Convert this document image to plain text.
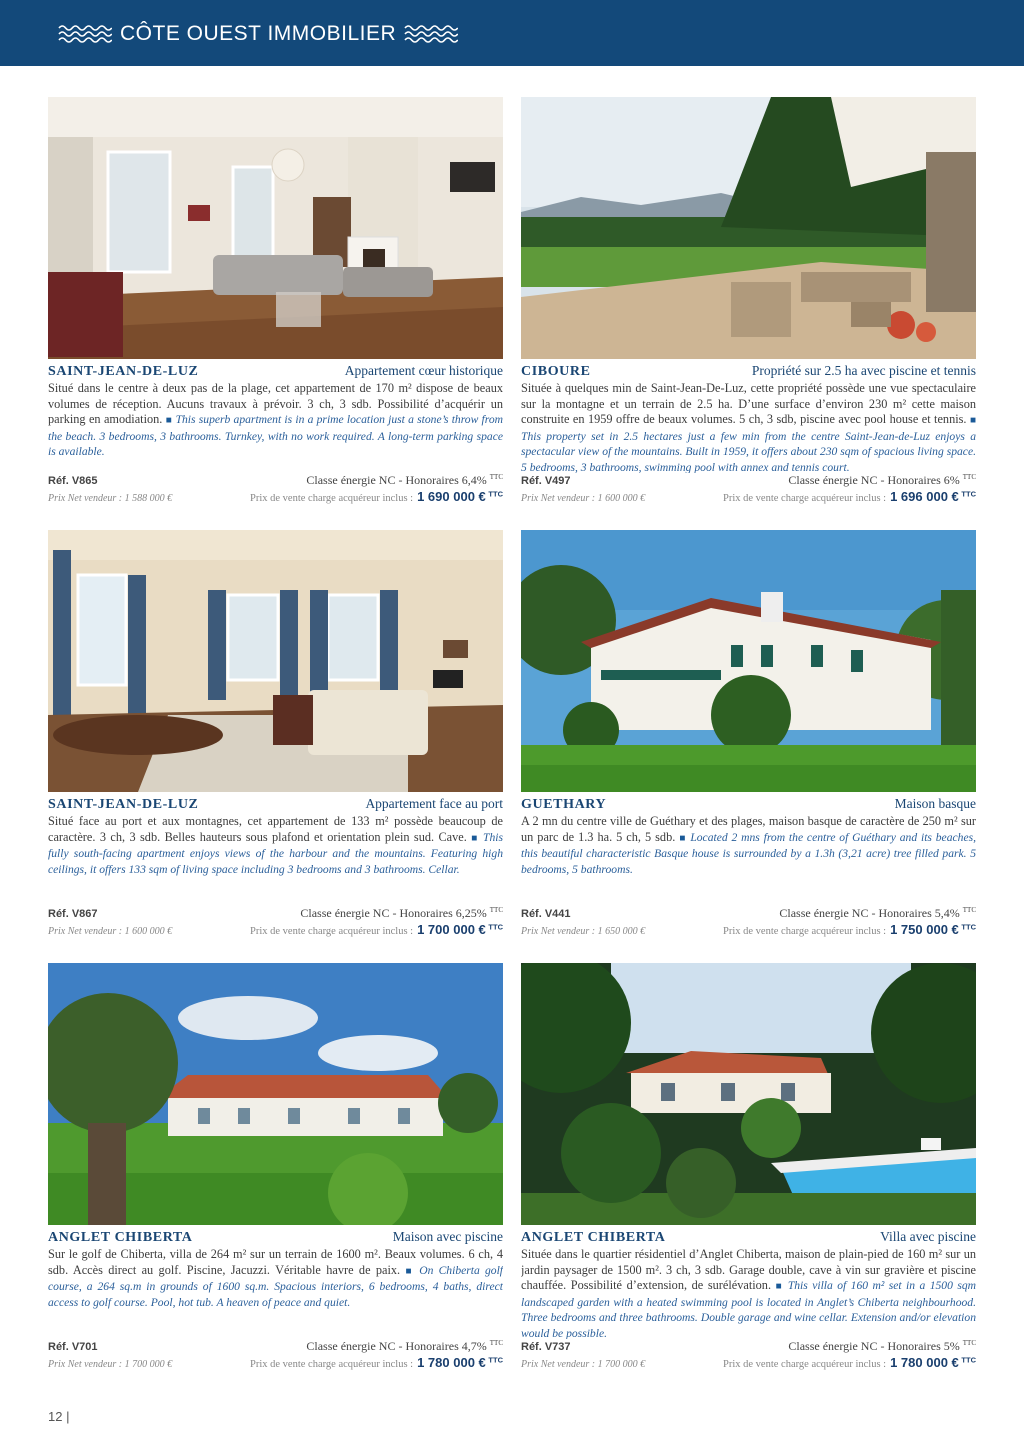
CÔTE OUEST IMMOBILIER
SAINT-JEAN-DE-LUZ	Appartement cœur historique
Situé dans le centre à deux pas de la plage, cet appartement de 170 m² dispose de beaux volumes de réception. Aucuns travaux à prévoir. 3 ch, 3 sdb. Possibilité d’acquérir un parking en amodiation. ■ This superb apartment is in a prime location just a stone’s throw from the beach. 3 bedrooms, 3 bathrooms. Turnkey, with no work required. A long-term parking space is available.
Réf. V865	Classe énergie NC - Honoraires 6,4% $^{TTC}$
Prix Net vendeur : 1 588 000 €	Prix de vente charge acquéreur inclus : 1 690 000 € $^{TTC}$
CIBOURE	Propriété sur 2.5 ha avec piscine et tennis
Située à quelques min de Saint-Jean-De-Luz, cette propriété possède une vue spectaculaire sur la montagne et un terrain de 2.5 ha. D’une surface d’environ 230 m² cette maison construite en 1959 offre de beaux volumes. 5 ch, 3 sdb, piscine avec pool house et tennis. ■ This property set in 2.5 hectares just a few min from the centre Saint-Jean-de-Luz enjoys a spectacular view of the mountains. Built in 1959, it offers about 230 sqm of spacious living space. 5 bedrooms, 3 bathrooms, swimming pool with annex and tennis court.
Réf. V497	Classe énergie NC - Honoraires 6% $^{TTC}$
Prix Net vendeur : 1 600 000 €	Prix de vente charge acquéreur inclus : 1 696 000 € $^{TTC}$
SAINT-JEAN-DE-LUZ	Appartement face au port
Situé face au port et aux montagnes, cet appartement de 133 m² possède beaucoup de caractère. 3 ch, 3 sdb. Belles hauteurs sous plafond et orientation plein sud. Cave. ■ This fully south-facing apartment enjoys views of the harbour and the mountains. Featuring high ceilings, it offers 133 sqm of living space including 3 bedrooms and 3 bathrooms. Cellar.
Réf. V867	Classe énergie NC - Honoraires 6,25% $^{TTC}$
Prix Net vendeur : 1 600 000 €	Prix de vente charge acquéreur inclus : 1 700 000 € $^{TTC}$
GUETHARY	Maison basque
A 2 mn du centre ville de Guéthary et des plages, maison basque de caractère de 250 m² sur un parc de 1.3 ha. 5 ch, 5 sdb. ■ Located 2 mns from the centre of Guéthary and its beaches, this beautiful characteristic Basque house is surrounded by a 1.3h (3,21 acre) tree filled park. 5 bedrooms, 5 bathrooms.
Réf. V441	Classe énergie NC - Honoraires 5,4% $^{TTC}$
Prix Net vendeur : 1 650 000 €	Prix de vente charge acquéreur inclus : 1 750 000 € $^{TTC}$
ANGLET CHIBERTA	Maison avec piscine
Sur le golf de Chiberta, villa de 264 m² sur un terrain de 1600 m². Beaux volumes. 6 ch, 4 sdb. Accès direct au golf. Piscine, Jacuzzi. Véritable havre de paix. ■ On Chiberta golf course, a 264 sq.m in grounds of 1600 sq.m. Spacious interiors, 6 bedrooms, 4 baths, direct access to golf course. Pool, hot tub. A heaven of peace and quiet.
Réf. V701	Classe énergie NC - Honoraires 4,7% $^{TTC}$
Prix Net vendeur : 1 700 000 €	Prix de vente charge acquéreur inclus : 1 780 000 € $^{TTC}$
ANGLET CHIBERTA	Villa avec piscine
Située dans le quartier résidentiel d’Anglet Chiberta, maison de plain-pied de 160 m² sur un jardin paysager de 1500 m². 3 ch, 3 sdb. Garage double, cave à vin sur gravière et piscine chauffée. Possibilité d’extension, de surélévation. ■ This villa of 160 m² set in a 1500 sqm landscaped garden with a heated swimming pool is located in Anglet’s Chiberta neighbourhood. Three bedrooms and three bathrooms. Double garage and wine cellar. Extension and/or elevation would be possible.
Réf. V737	Classe énergie NC - Honoraires 5% $^{TTC}$
Prix Net vendeur : 1 700 000 €	Prix de vente charge acquéreur inclus : 1 780 000 € $^{TTC}$
12 |
